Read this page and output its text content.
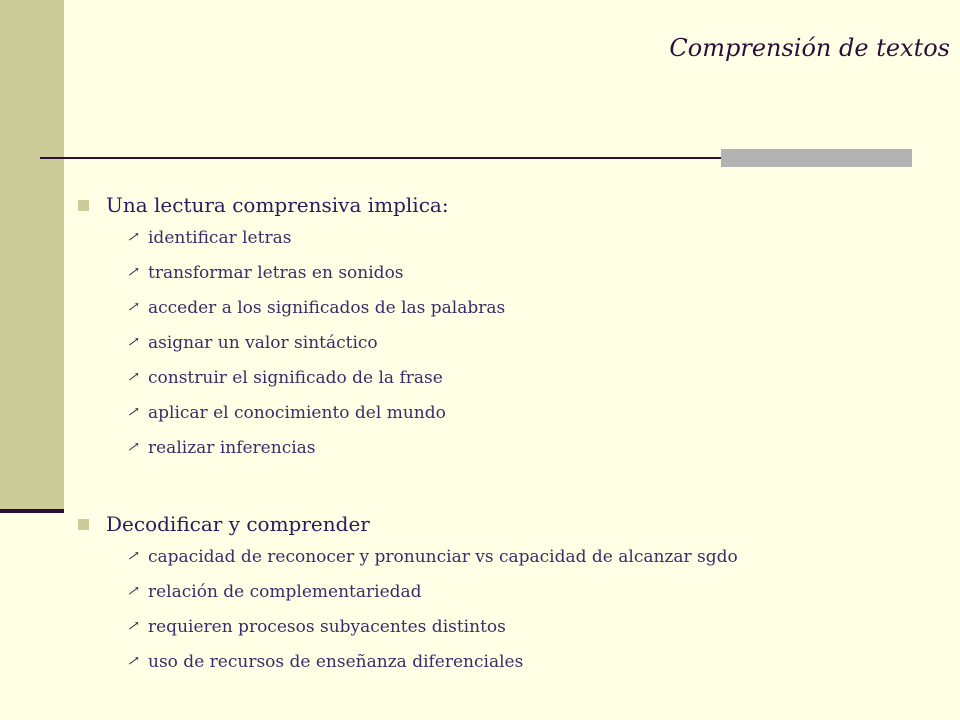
Comprensión de textos
Una lectura comprensiva implica:
↗ identificar letras
↗ transformar letras en sonidos
↗ acceder a los significados de las palabras
↗ asignar un valor sintáctico
↗ construir el significado de la frase
↗ aplicar el conocimiento del mundo
↗ realizar inferencias
Decodificar y comprender
↗ capacidad de reconocer y pronunciar vs capacidad de alcanzar sgdo
↗ relación de complementariedad
↗ requieren procesos subyacentes distintos
↗ uso de recursos de enseñanza diferenciales
